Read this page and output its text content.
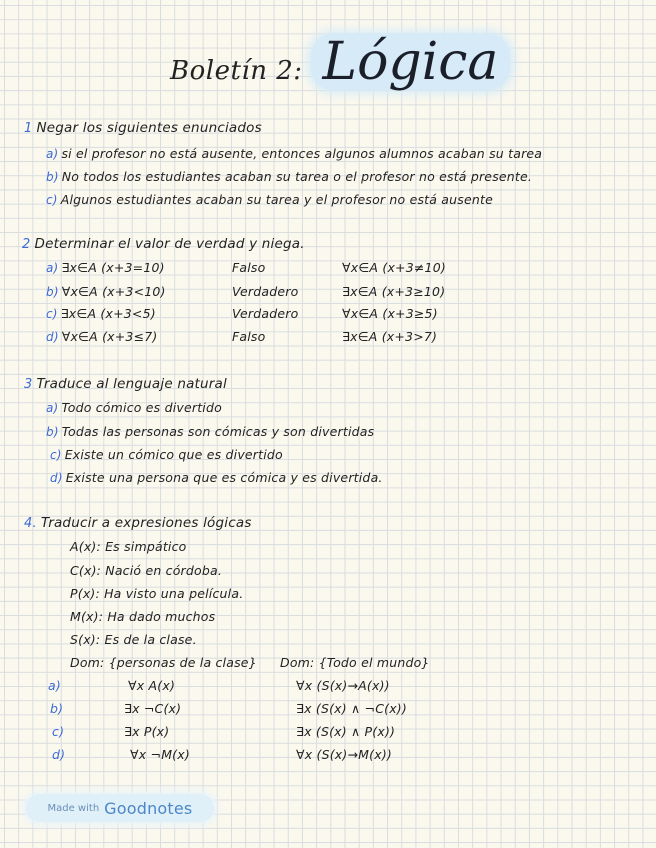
Boletín 2: Lógica
1 Negar los siguientes enunciados
a) si el profesor no está ausente, entonces algunos alumnos acaban su tarea
b) No todos los estudiantes acaban su tarea o el profesor no está presente.
c) Algunos estudiantes acaban su tarea y el profesor no está ausente
2 Determinar el valor de verdad y niega.
a) ∃x∈A (x+3=10)	Falso	∀x∈A (x+3≠10)
b) ∀x∈A (x+3<10)	Verdadero	∃x∈A (x+3≥10)
c) ∃x∈A (x+3<5)	Verdadero	∀x∈A (x+3≥5)
d) ∀x∈A (x+3≤7)	Falso	∃x∈A (x+3>7)
3 Traduce al lenguaje natural
a) Todo cómico es divertido
b) Todas las personas son cómicas y son divertidas
c) Existe un cómico que es divertido
d) Existe una persona que es cómica y es divertida.
4. Traducir a expresiones lógicas
A(x): Es simpático
C(x): Nació en córdoba.
P(x): Ha visto una película.
M(x): Ha dado muchos
S(x): Es de la clase.
Dom: {personas de la clase} Dom: {Todo el mundo}
a)	∀x A(x)	∀x (S(x)→A(x))
b)	∃x ¬C(x)	∃x (S(x) ∧ ¬C(x))
c)	∃x P(x)	∃x (S(x) ∧ P(x))
d)	∀x ¬M(x)	∀x (S(x)→M(x))
Made with Goodnotes
